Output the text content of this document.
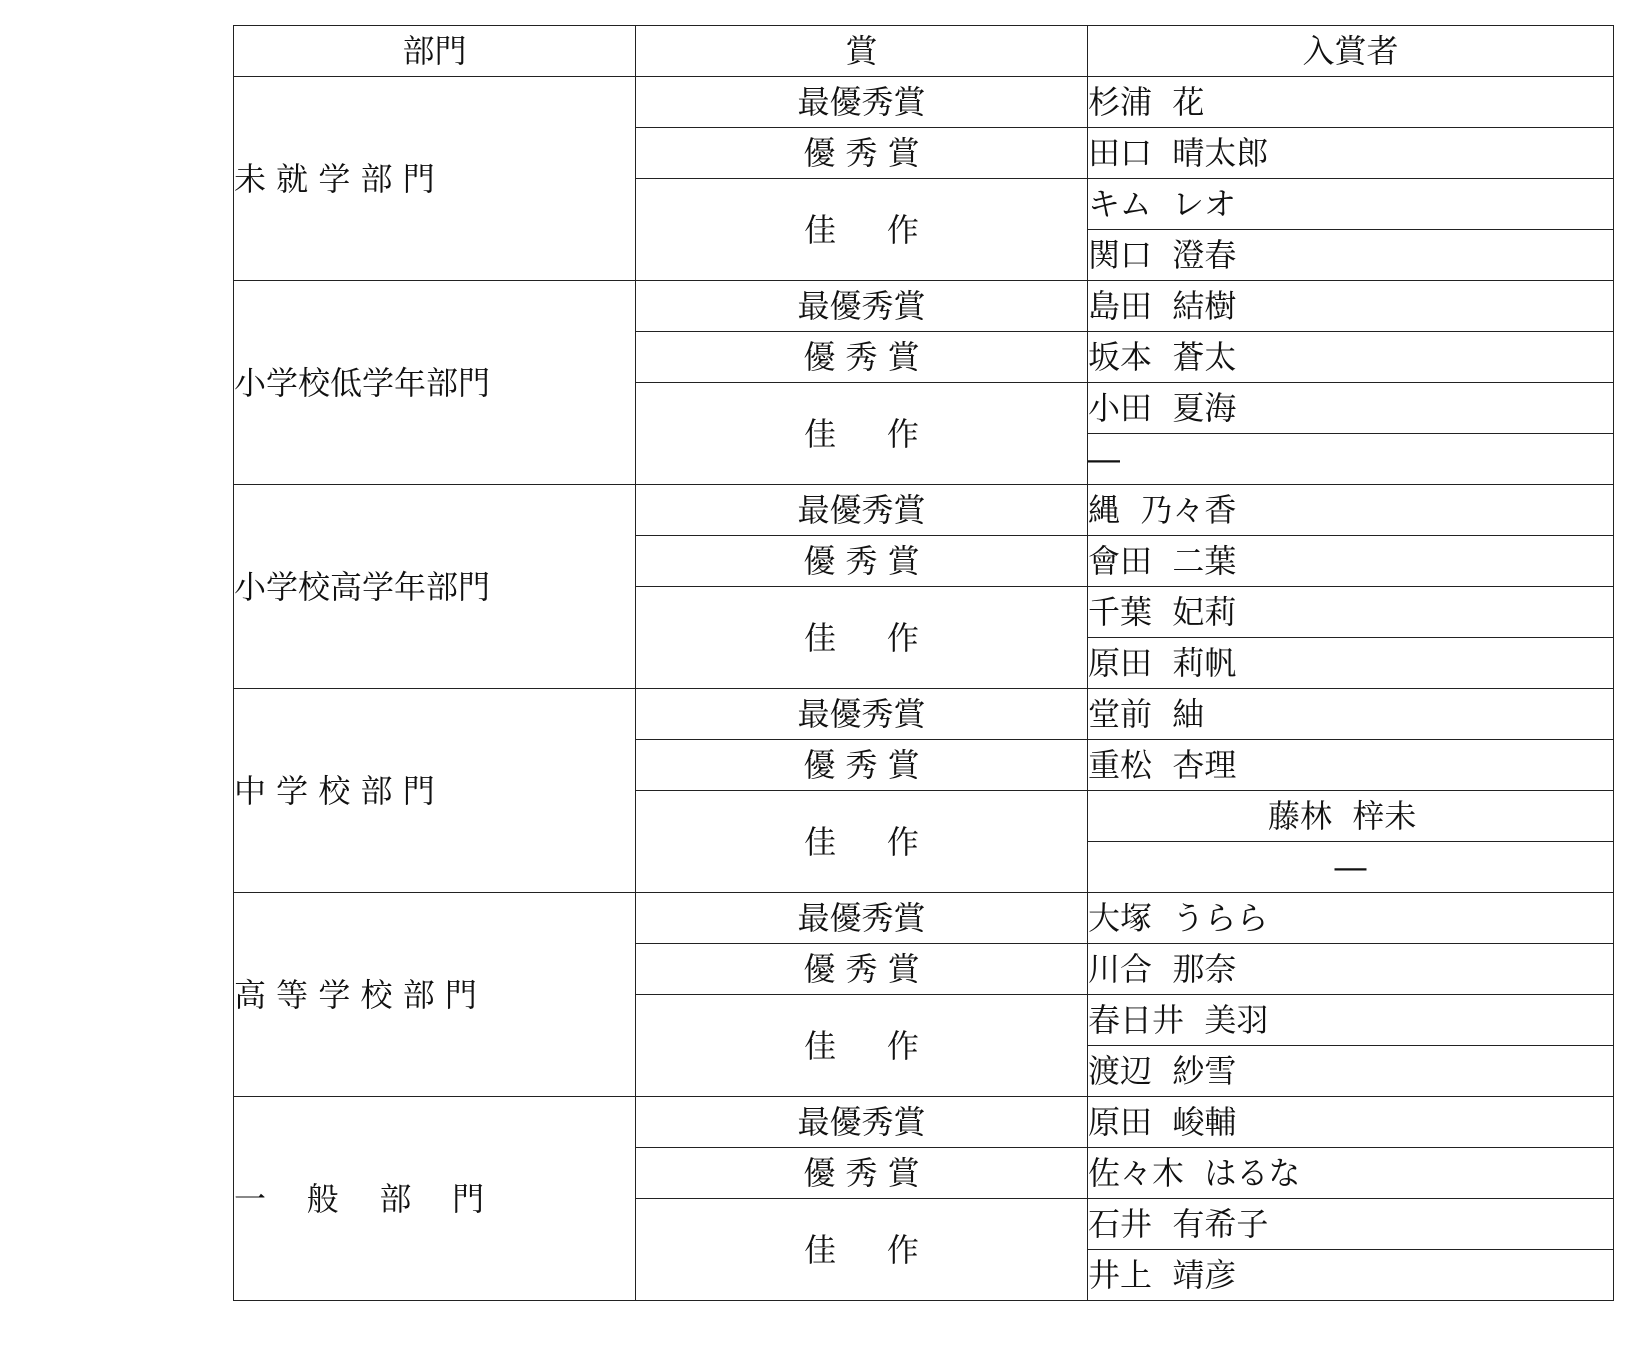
部門	賞	入賞者
未 就 学 部 門	最優秀賞	杉浦  花
	優 秀 賞	田口  晴太郎
	佳     作	キム  レオ
		関口  澄春
小学校低学年部門	最優秀賞	島田  結樹
	優 秀 賞	坂本  蒼太
	佳     作	小田  夏海
		―
小学校高学年部門	最優秀賞	縄  乃々香
	優 秀 賞	會田  二葉
	佳     作	千葉  妃莉
		原田  莉帆
中 学 校 部 門	最優秀賞	堂前  紬
	優 秀 賞	重松  杏理
	佳     作	藤林  梓未
		―
高 等 学 校 部 門	最優秀賞	大塚  うらら
	優 秀 賞	川合  那奈
	佳     作	春日井  美羽
		渡辺  紗雪
一    般    部    門	最優秀賞	原田  峻輔
	優 秀 賞	佐々木  はるな
	佳     作	石井  有希子
		井上  靖彦
